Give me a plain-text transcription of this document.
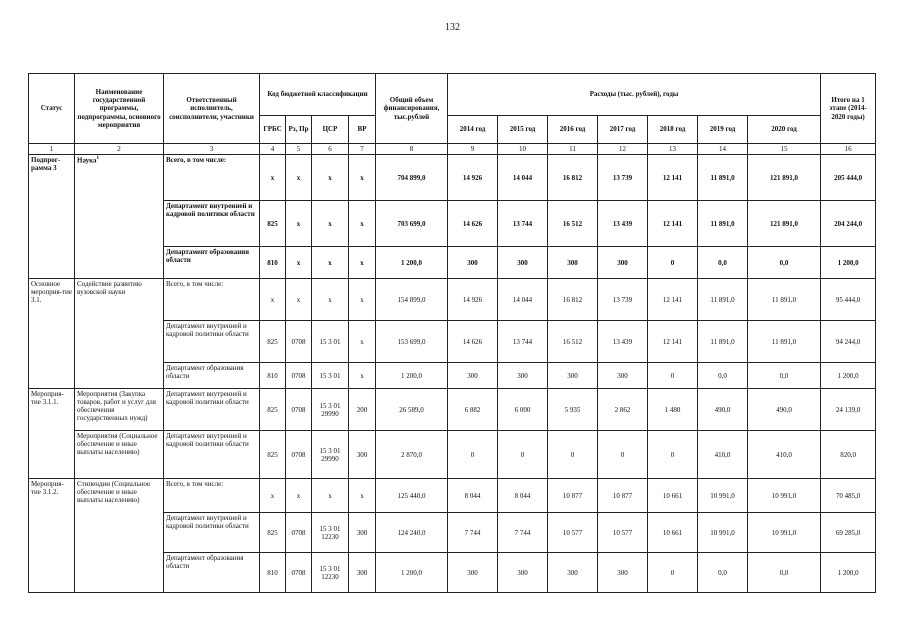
132
Статус	Наименование государственной программы, подпрограммы, основного мероприятия	Ответственный исполнитель, соисполнители, участники	Код бюджетной классификации				Общий объем финансирования, тыс.рублей	Расходы (тыс. рублей), годы							Итого на 1 этапе (2014-2020 годы)
			ГРБС	Рз, Пр	ЦСР	ВР		2014 год	2015 год	2016 год	2017 год	2018 год	2019 год	2020 год	
1	2	3	4	5	6	7	8	9	10	11	12	13	14	15	16
Подпрог-рамма 3	Наука$^1$	Всего, в том числе:	х	х	х	х	704 899,0	14 926	14 044	16 812	13 739	12 141	11 891,0	121 891,0	205 444,0
		Департамент внутренней и кадровой политики области	825	х	х	х	703 699,0	14 626	13 744	16 512	13 439	12 141	11 891,0	121 891,0	204 244,0
		Департамент образования области	810	х	х	х	1 200,0	300	300	300	300	0	0,0	0,0	1 200,0
Основное мероприя-тие 3.1.	Содействие развитию вузовской науки	Всего, в том числе:	х	х	х	х	154 899,0	14 926	14 044	16 812	13 739	12 141	11 891,0	11 891,0	95 444,0
		Департамент внутренней и кадровой политики области	825	0708	15 3 01	х	153 699,0	14 626	13 744	16 512	13 439	12 141	11 891,0	11 891,0	94 244,0
		Департамент образования области	810	0708	15 3 01	х	1 200,0	300	300	300	300	0	0,0	0,0	1 200,0
Мероприя-тие 3.1.1.	Мероприятия (Закупка товаров, работ и услуг для обеспечения государственных нужд)	Департамент внутренней и кадровой политики области	825	0708	15 3 01 29990	200	26 589,0	6 882	6 000	5 935	2 862	1 480	490,0	490,0	24 139,0
	Мероприятия (Социальное обеспечение и иные выплаты населению)	Департамент внутренней и кадровой политики области	825	0708	15 3 01 29990	300	2 870,0	0	0	0	0	0	410,0	410,0	820,0
Мероприя-тие 3.1.2.	Стипендии (Социальное обеспечение и иные выплаты населению)	Всего, в том числе:	х	х	х	х	125 440,0	8 044	8 044	10 877	10 877	10 661	10 991,0	10 991,0	70 485,0
		Департамент внутренней и кадровой политики области	825	0708	15 3 01 12230	300	124 240,0	7 744	7 744	10 577	10 577	10 661	10 991,0	10 991,0	69 285,0
		Департамент образования области	810	0708	15 3 01 12230	300	1 200,0	300	300	300	300	0	0,0	0,0	1 200,0
